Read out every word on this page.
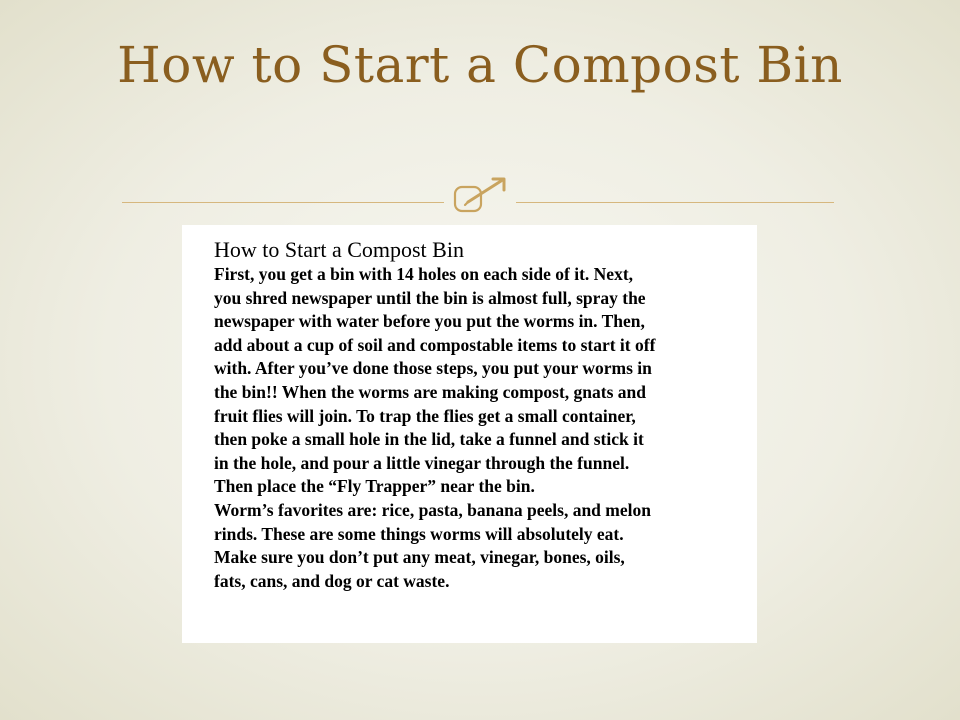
How to Start a Compost Bin
How to Start a Compost Bin
First, you get a bin with 14 holes on each side of it. Next,
you shred newspaper until the bin is almost full, spray the
newspaper with water before you put the worms in. Then,
add about a cup of soil and compostable items to start it off
with. After you’ve done those steps, you put your worms in
the bin!! When the worms are making compost, gnats and
fruit flies will join. To trap the flies get a small container,
then poke a small hole in the lid, take a funnel and stick it
in the hole, and pour a little vinegar through the funnel.
Then place the “Fly Trapper” near the bin.
Worm’s favorites are: rice, pasta, banana peels, and melon
rinds. These are some things worms will absolutely eat.
Make sure you don’t put any meat, vinegar, bones, oils,
fats, cans, and dog or cat waste.
